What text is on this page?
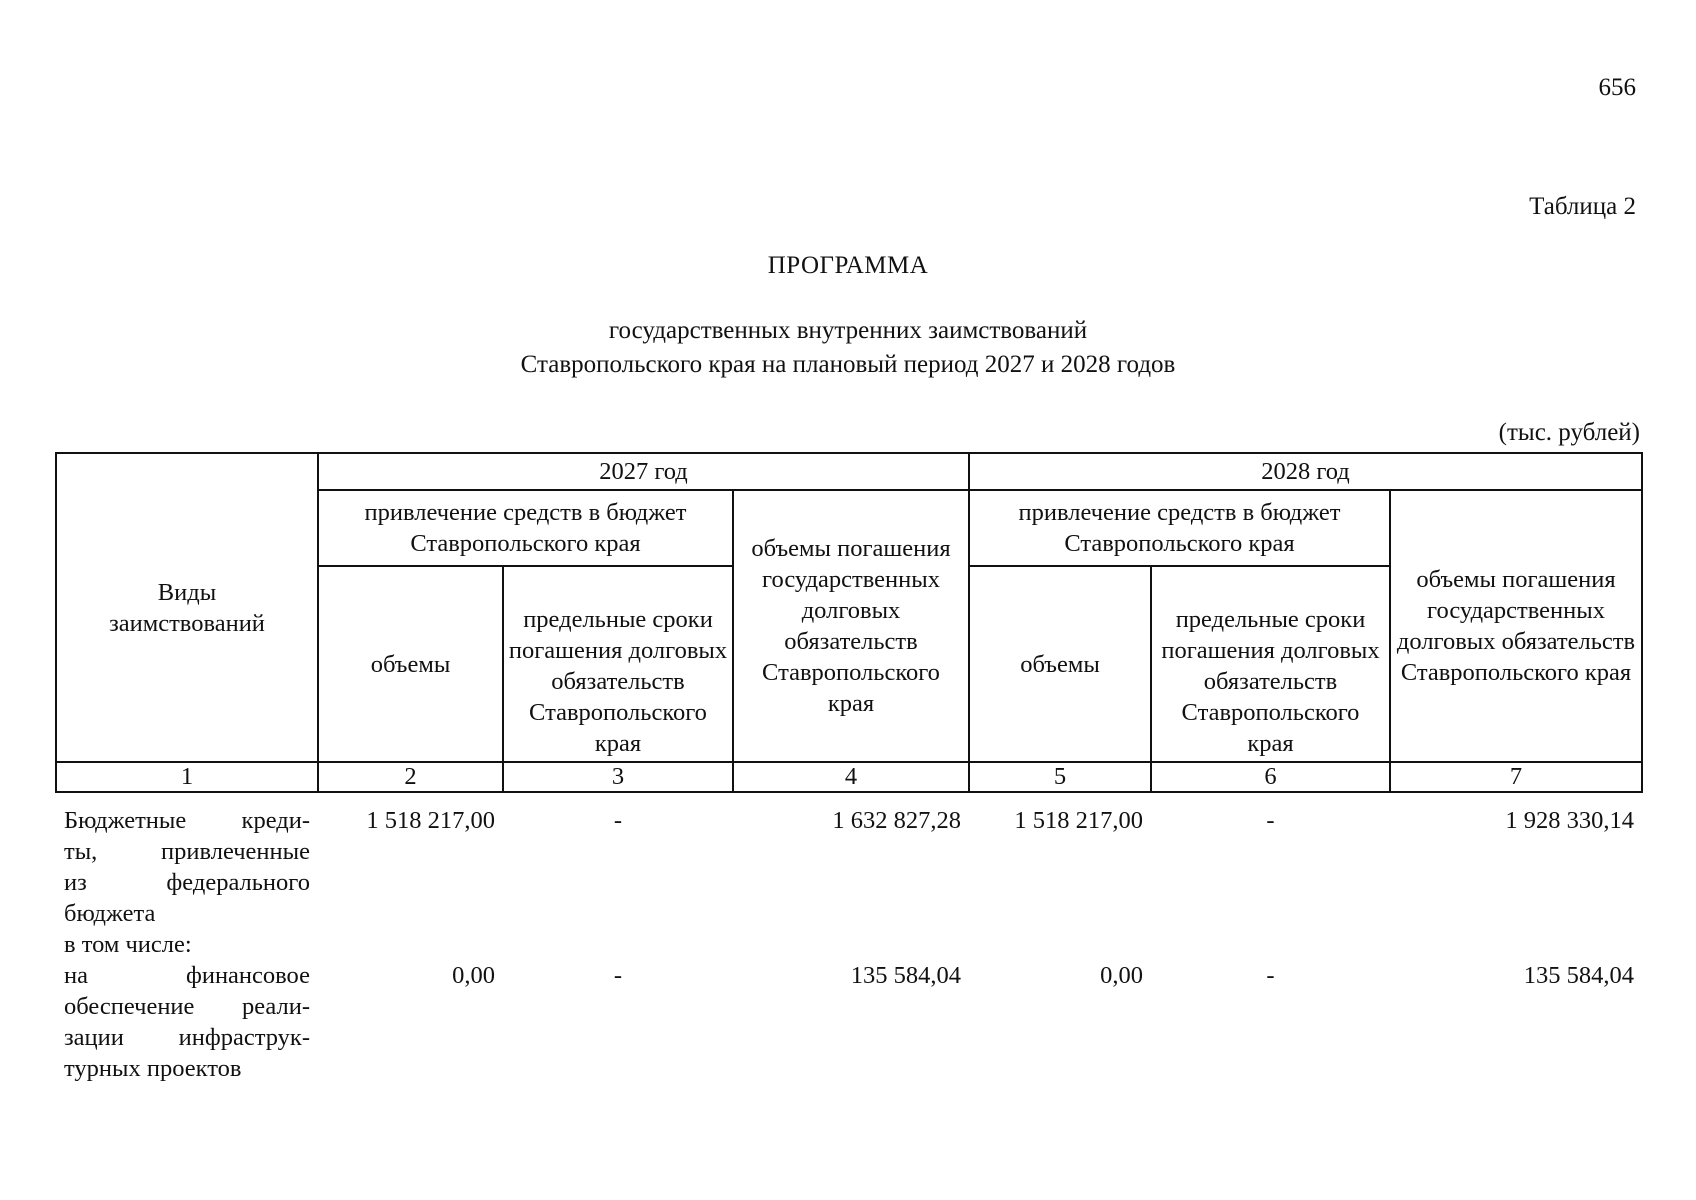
656
Таблица 2
ПРОГРАММА
государственных внутренних заимствований
Ставропольского края на плановый период 2027 и 2028 годов
(тыс. рублей)
Виды заимствований	2027 год			2028 год		
	привлечение средств в бюджет Ставропольского края		объемы погашения государственных долговых обязательств Ставропольского края	привлечение средств в бюджет Ставропольского края		объемы погашения государственных долговых обязательств Ставропольского края
	объемы	предельные сроки погашения долговых обязательств Ставропольского края		объемы	предельные сроки погашения долговых обязательств Ставропольского края	
1	2	3	4	5	6	7

Бюджетные креди-
ты, привлеченные
из федерального
бюджета
в том числе:	1 518 217,00	-	1 632 827,28	1 518 217,00	-	1 928 330,14

на финансовое
обеспечение реали-
зации инфраструк-
турных проектов	0,00	-	135 584,04	0,00	-	135 584,04
